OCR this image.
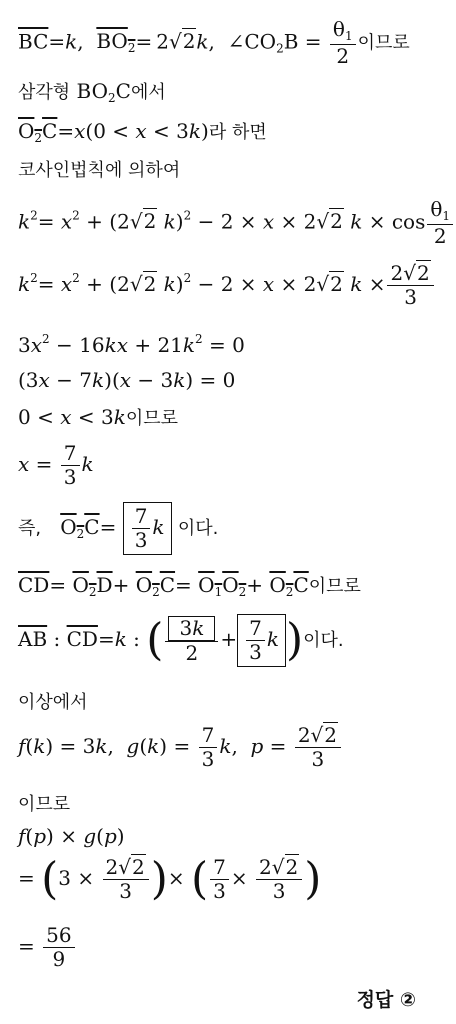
$\overline{BC}=k$,  $BO_2= 2√2k$,  $\angle CO_2B = \frac{\theta_1}{2}$ 이므로
삼각형 $BO_2C$에서
$O_2C=x(0 < x < 3k)$라 하면
코사인법칙에 의하여
$k^2= x^2 + (2√2$ k)$^2$ − 2 × x × 2√2 $k \times \cos \frac{\theta_1}{2}$
$k^2= x^2 + (2√2$ k)$^2$ − 2 × x × 2√2 $k \times \frac{2√2}{3}$
$3x^2 - 16kx + 21k^2 = 0$
(3x − 7k)(x − 3k) = 0
0 < x < 3k이므로
$x = \frac{7}{3}$ k
즉, $O_2C= \frac{7}{3}$ k 이다.
$\overline{CD}= O_2D+ O_2C= O_1O_2+ O_2C$이므로
$\overline{AB}$ : $\overline{CD}=k$ : ( $\frac{3k}{2} + \frac{7}{3}$ k )이다.
이상에서
f(k) = 3k,  $g(k) = \frac{7}{3} k$,  $p = \frac{2√2}{3}$
이므로
f(p) × g(p)
= ($3 \times \frac{2√2}{3}$ )× ( $\frac{7}{3} \times \frac{2√2}{3}$ )
= $\frac{56}{9}$
정답 ②
